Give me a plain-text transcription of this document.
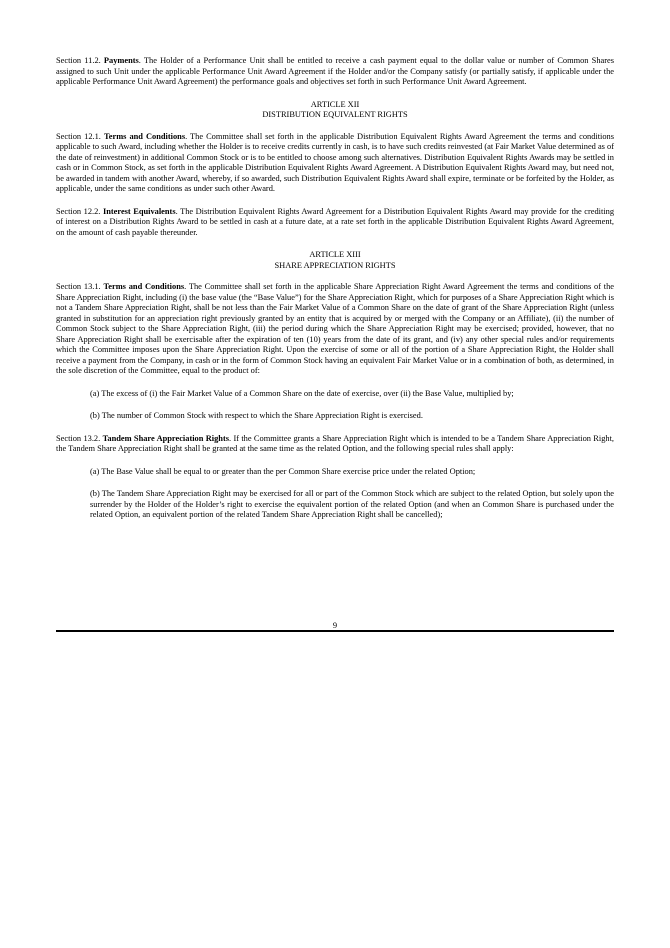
Section 11.2. Payments. The Holder of a Performance Unit shall be entitled to receive a cash payment equal to the dollar value or number of Common Shares assigned to such Unit under the applicable Performance Unit Award Agreement if the Holder and/or the Company satisfy (or partially satisfy, if applicable under the applicable Performance Unit Award Agreement) the performance goals and objectives set forth in such Performance Unit Award Agreement.

ARTICLE XII
DISTRIBUTION EQUIVALENT RIGHTS

Section 12.1. Terms and Conditions. The Committee shall set forth in the applicable Distribution Equivalent Rights Award Agreement the terms and conditions applicable to such Award, including whether the Holder is to receive credits currently in cash, is to have such credits reinvested (at Fair Market Value determined as of the date of reinvestment) in additional Common Stock or is to be entitled to choose among such alternatives. Distribution Equivalent Rights Awards may be settled in cash or in Common Stock, as set forth in the applicable Distribution Equivalent Rights Award Agreement. A Distribution Equivalent Rights Award may, but need not, be awarded in tandem with another Award, whereby, if so awarded, such Distribution Equivalent Rights Award shall expire, terminate or be forfeited by the Holder, as applicable, under the same conditions as under such other Award.

Section 12.2. Interest Equivalents. The Distribution Equivalent Rights Award Agreement for a Distribution Equivalent Rights Award may provide for the crediting of interest on a Distribution Rights Award to be settled in cash at a future date, at a rate set forth in the applicable Distribution Equivalent Rights Award Agreement, on the amount of cash payable thereunder.

ARTICLE XIII
SHARE APPRECIATION RIGHTS

Section 13.1. Terms and Conditions. The Committee shall set forth in the applicable Share Appreciation Right Award Agreement the terms and conditions of the Share Appreciation Right, including (i) the base value (the “Base Value”) for the Share Appreciation Right, which for purposes of a Share Appreciation Right which is not a Tandem Share Appreciation Right, shall be not less than the Fair Market Value of a Common Share on the date of grant of the Share Appreciation Right (unless granted in substitution for an appreciation right previously granted by an entity that is acquired by or merged with the Company or an Affiliate), (ii) the number of Common Stock subject to the Share Appreciation Right, (iii) the period during which the Share Appreciation Right may be exercised; provided, however, that no Share Appreciation Right shall be exercisable after the expiration of ten (10) years from the date of its grant, and (iv) any other special rules and/or requirements which the Committee imposes upon the Share Appreciation Right. Upon the exercise of some or all of the portion of a Share Appreciation Right, the Holder shall receive a payment from the Company, in cash or in the form of Common Stock having an equivalent Fair Market Value or in a combination of both, as determined, in the sole discretion of the Committee, equal to the product of:

(a) The excess of (i) the Fair Market Value of a Common Share on the date of exercise, over (ii) the Base Value, multiplied by;

(b) The number of Common Stock with respect to which the Share Appreciation Right is exercised.

Section 13.2. Tandem Share Appreciation Rights. If the Committee grants a Share Appreciation Right which is intended to be a Tandem Share Appreciation Right, the Tandem Share Appreciation Right shall be granted at the same time as the related Option, and the following special rules shall apply:

(a) The Base Value shall be equal to or greater than the per Common Share exercise price under the related Option;

(b) The Tandem Share Appreciation Right may be exercised for all or part of the Common Stock which are subject to the related Option, but solely upon the surrender by the Holder of the Holder’s right to exercise the equivalent portion of the related Option (and when an Common Share is purchased under the related Option, an equivalent portion of the related Tandem Share Appreciation Right shall be cancelled);

9
